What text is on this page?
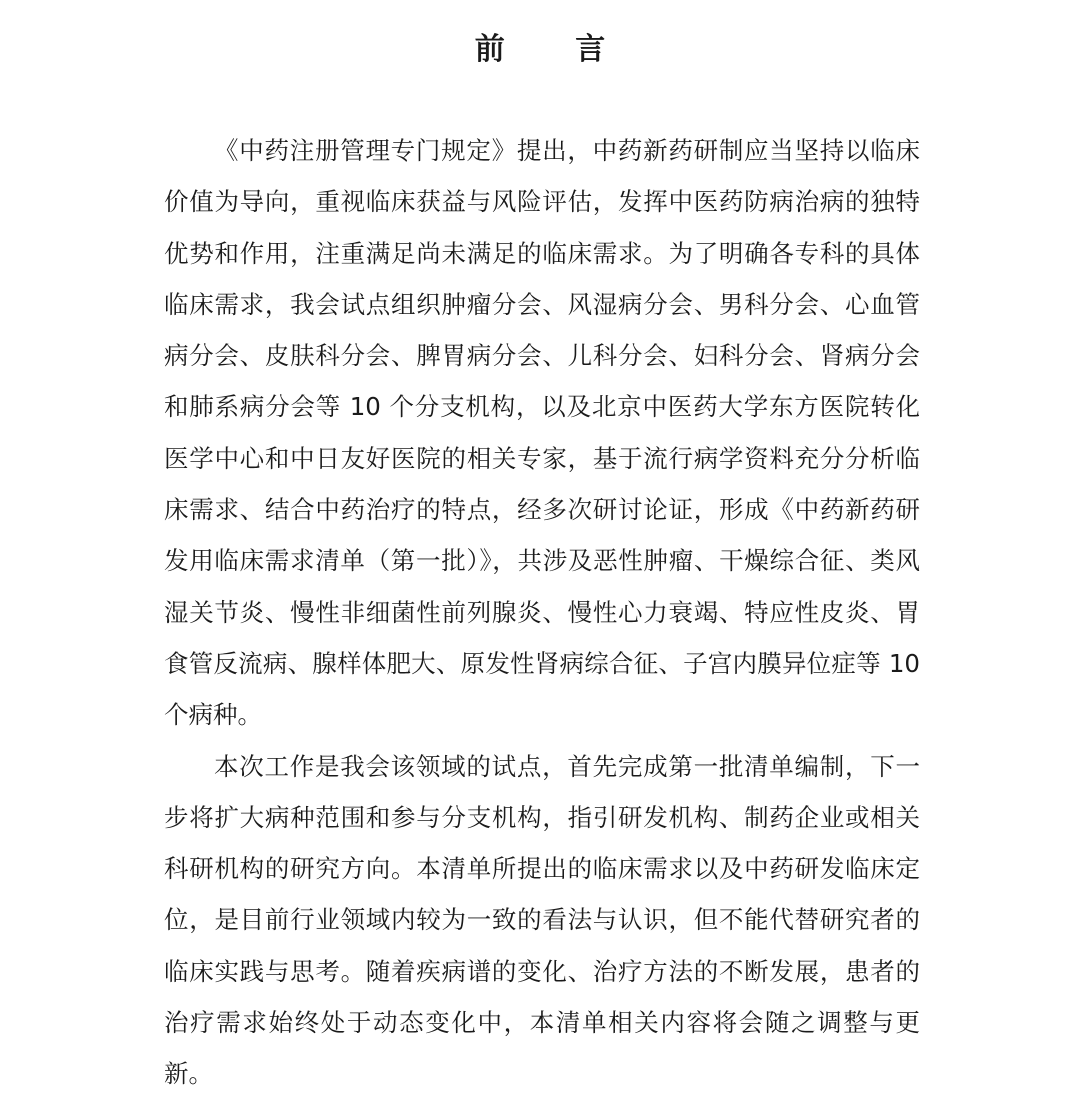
前 言

《中药注册管理专门规定》提出，中药新药研制应当坚持以临床价值为导向，重视临床获益与风险评估，发挥中医药防病治病的独特优势和作用，注重满足尚未满足的临床需求。为了明确各专科的具体临床需求，我会试点组织肿瘤分会、风湿病分会、男科分会、心血管病分会、皮肤科分会、脾胃病分会、儿科分会、妇科分会、肾病分会和肺系病分会等 10 个分支机构，以及北京中医药大学东方医院转化医学中心和中日友好医院的相关专家，基于流行病学资料充分分析临床需求、结合中药治疗的特点，经多次研讨论证，形成《中药新药研发用临床需求清单（第一批）》，共涉及恶性肿瘤、干燥综合征、类风湿关节炎、慢性非细菌性前列腺炎、慢性心力衰竭、特应性皮炎、胃食管反流病、腺样体肥大、原发性肾病综合征、子宫内膜异位症等 10 个病种。

本次工作是我会该领域的试点，首先完成第一批清单编制，下一步将扩大病种范围和参与分支机构，指引研发机构、制药企业或相关科研机构的研究方向。本清单所提出的临床需求以及中药研发临床定位，是目前行业领域内较为一致的看法与认识，但不能代替研究者的临床实践与思考。随着疾病谱的变化、治疗方法的不断发展，患者的治疗需求始终处于动态变化中，本清单相关内容将会随之调整与更新。
